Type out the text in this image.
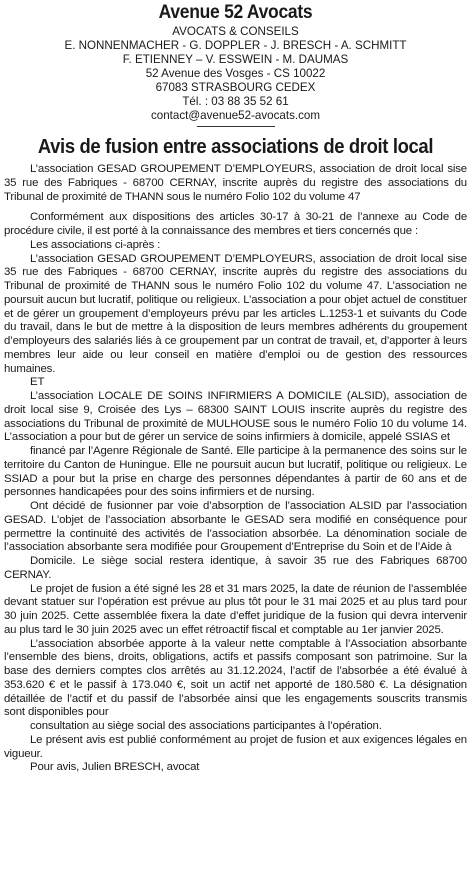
Avenue 52 Avocats
AVOCATS & CONSEILS
E. NONNENMACHER - G. DOPPLER - J. BRESCH - A. SCHMITT
F. ETIENNEY – V. ESSWEIN - M. DAUMAS
52 Avenue des Vosges - CS 10022
67083 STRASBOURG CEDEX
Tél. : 03 88 35 52 61
contact@avenue52-avocats.com
Avis de fusion entre associations de droit local

L’association GESAD GROUPEMENT D’EMPLOYEURS, association de droit local sise 35 rue des Fabriques - 68700 CERNAY, inscrite auprès du registre des associations du Tribunal de proximité de THANN sous le numéro Folio 102 du volume 47

Conformément aux dispositions des articles 30-17 à 30-21 de l’annexe au Code de procédure civile, il est porté à la connaissance des membres et tiers concernés que :

Les associations ci-après :

L’association GESAD GROUPEMENT D’EMPLOYEURS, association de droit local sise 35 rue des Fabriques - 68700 CERNAY, inscrite auprès du registre des associations du Tribunal de proximité de THANN sous le numéro Folio 102 du volume 47. L’association ne poursuit aucun but lucratif, politique ou religieux. L’association a pour objet actuel de constituer et de gérer un groupement d’employeurs prévu par les articles L.1253-1 et suivants du Code du travail, dans le but de mettre à la disposition de leurs membres adhérents du groupement d’employeurs des salariés liés à ce groupement par un contrat de travail, et, d’apporter à leurs membres leur aide ou leur conseil en matière d’emploi ou de gestion des ressources humaines.

ET

L’association LOCALE DE SOINS INFIRMIERS A DOMICILE (ALSID), association de droit local sise 9, Croisée des Lys – 68300 SAINT LOUIS inscrite auprès du registre des associations du Tribunal de proximité de MULHOUSE sous le numéro Folio 10 du volume 14. L’association a pour but de gérer un service de soins infirmiers à domicile, appelé SSIAS et

financé par l’Agenre Régionale de Santé. Elle participe à la permanence des soins sur le territoire du Canton de Huningue. Elle ne poursuit aucun but lucratif, politique ou religieux. Le SSIAD a pour but la prise en charge des personnes dépendantes à partir de 60 ans et de personnes handicapées pour des soins infirmiers et de nursing.

Ont décidé de fusionner par voie d’absorption de l’association ALSID par l’association GESAD. L’objet de l’association absorbante le GESAD sera modifié en conséquence pour permettre la continuité des activités de l’association absorbée. La dénomination sociale de l’association absorbante sera modifiée pour Groupement d’Entreprise du Soin et de l’Aide à

Domicile. Le siège social restera identique, à savoir 35 rue des Fabriques 68700 CERNAY.

Le projet de fusion a été signé les 28 et 31 mars 2025, la date de réunion de l’assemblée devant statuer sur l’opération est prévue au plus tôt pour le 31 mai 2025 et au plus tard pour 30 juin 2025. Cette assemblée fixera la date d’effet juridique de la fusion qui devra intervenir au plus tard le 30 juin 2025 avec un effet rétroactif fiscal et comptable au 1er janvier 2025.

L’association absorbée apporte à la valeur nette comptable à l’Association absorbante l’ensemble des biens, droits, obligations, actifs et passifs composant son patrimoine. Sur la base des derniers comptes clos arrêtés au 31.12.2024, l’actif de l’absorbée a été évalué à 353.620 € et le passif à 173.040 €, soit un actif net apporté de 180.580 €. La désignation détaillée de l’actif et du passif de l’absorbée ainsi que les engagements souscrits transmis sont disponibles pour

consultation au siège social des associations participantes à l’opération.

Le présent avis est publié conformément au projet de fusion et aux exigences légales en vigueur.

Pour avis, Julien BRESCH, avocat
